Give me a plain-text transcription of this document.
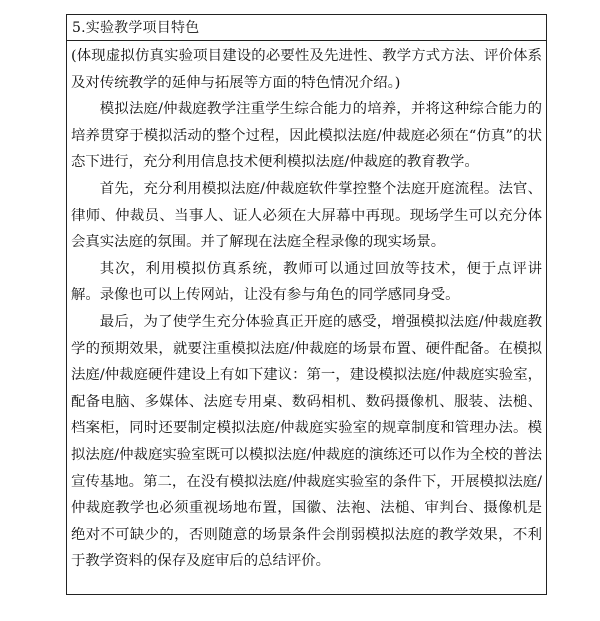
5.实验教学项目特色

(体现虚拟仿真实验项目建设的必要性及先进性、教学方式方法、评价体系及对传统教学的延伸与拓展等方面的特色情况介绍。)

模拟法庭/仲裁庭教学注重学生综合能力的培养，并将这种综合能力的培养贯穿于模拟活动的整个过程，因此模拟法庭/仲裁庭必须在“仿真”的状态下进行，充分利用信息技术便利模拟法庭/仲裁庭的教育教学。

首先，充分利用模拟法庭/仲裁庭软件掌控整个法庭开庭流程。法官、律师、仲裁员、当事人、证人必须在大屏幕中再现。现场学生可以充分体会真实法庭的氛围。并了解现在法庭全程录像的现实场景。

其次，利用模拟仿真系统，教师可以通过回放等技术，便于点评讲解。录像也可以上传网站，让没有参与角色的同学感同身受。

最后，为了使学生充分体验真正开庭的感受，增强模拟法庭/仲裁庭教学的预期效果，就要注重模拟法庭/仲裁庭的场景布置、硬件配备。在模拟法庭/仲裁庭硬件建设上有如下建议：第一，建设模拟法庭/仲裁庭实验室，配备电脑、多媒体、法庭专用桌、数码相机、数码摄像机、服装、法槌、档案柜，同时还要制定模拟法庭/仲裁庭实验室的规章制度和管理办法。模拟法庭/仲裁庭实验室既可以模拟法庭/仲裁庭的演练还可以作为全校的普法宣传基地。第二，在没有模拟法庭/仲裁庭实验室的条件下，开展模拟法庭/仲裁庭教学也必须重视场地布置，国徽、法袍、法槌、审判台、摄像机是绝对不可缺少的，否则随意的场景条件会削弱模拟法庭的教学效果，不利于教学资料的保存及庭审后的总结评价。
